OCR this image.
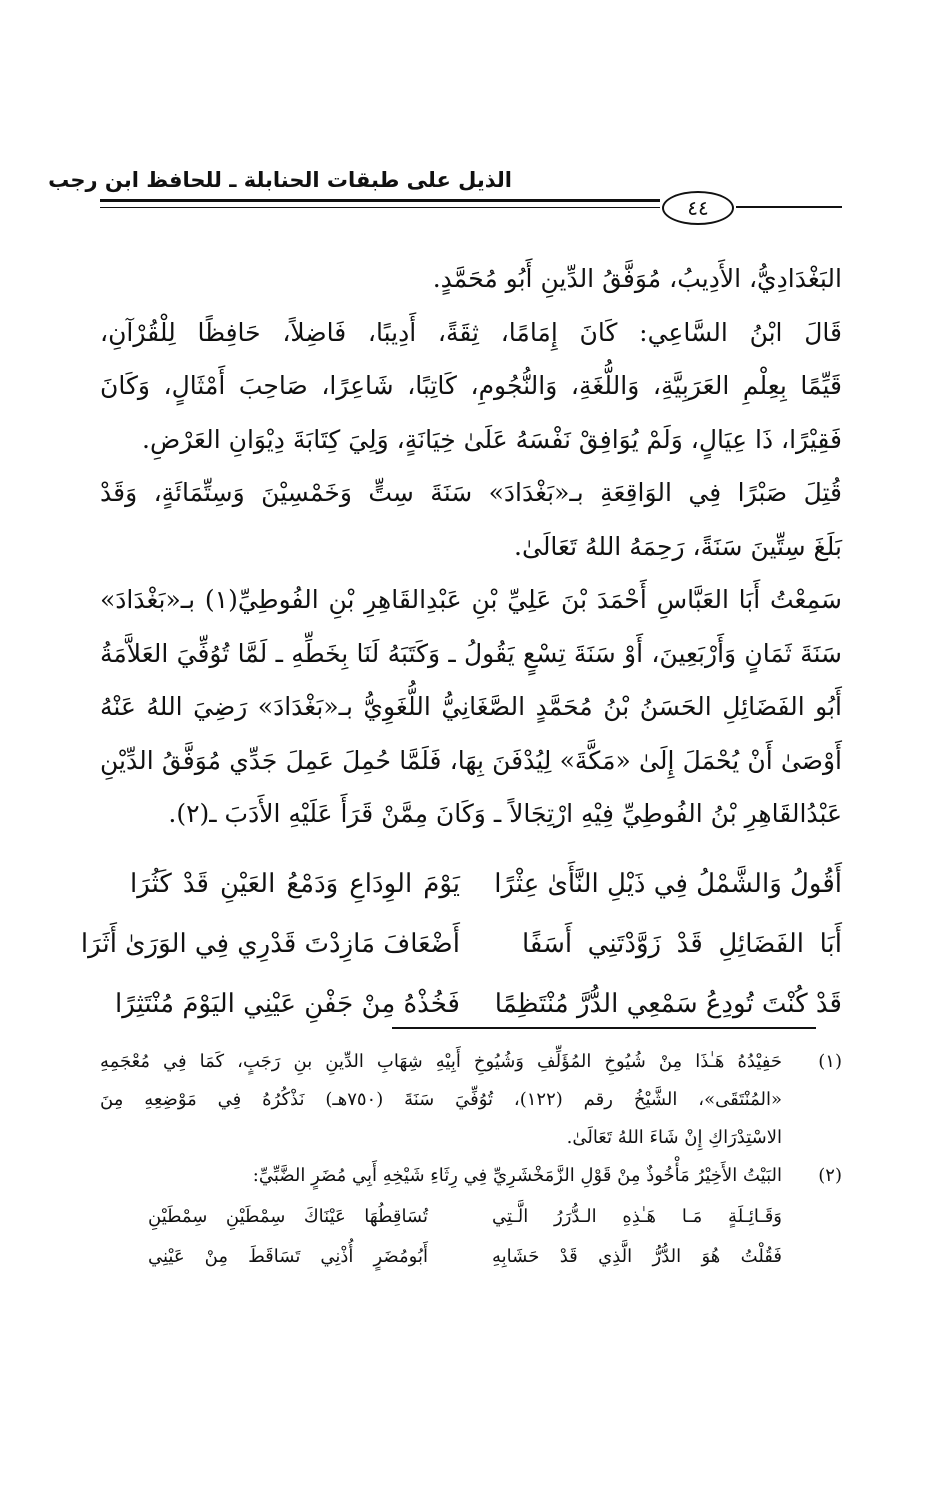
الذيل على طبقات الحنابلة ـ للحافظ ابن رجب
٤٤
البَغْدَادِيُّ، الأَدِيبُ، مُوَفَّقُ الدِّينِ أَبُو مُحَمَّدٍ.
قَالَ ابْنُ السَّاعِي: كَانَ إِمَامًا، ثِقَةً، أَدِيبًا، فَاضِلاً، حَافِظًا لِلْقُرْآنِ،
قَيِّمًا بِعِلْمِ العَرَبِيَّةِ، وَاللُّغَةِ، وَالنُّجُومِ، كَاتِبًا، شَاعِرًا، صَاحِبَ أَمْثَالٍ، وَكَانَ
فَقِيْرًا، ذَا عِيَالٍ، وَلَمْ يُوَافِقْ نَفْسَهُ عَلَىٰ خِيَانَةٍ، وَلِيَ كِتَابَةَ دِيْوَانِ العَرْضِ.
قُتِلَ صَبْرًا فِي الوَاقِعَةِ بـ«بَغْدَادَ» سَنَةَ سِتٍّ وَخَمْسِيْنَ وَسِتِّمَائَةٍ، وَقَدْ
بَلَغَ سِتِّينَ سَنَةً، رَحِمَهُ اللهُ تَعَالَىٰ.
سَمِعْتُ أَبَا العَبَّاسِ أَحْمَدَ بْنَ عَلِيِّ بْنِ عَبْدِالقَاهِرِ بْنِ الفُوطِيِّ(١) بـ«بَغْدَادَ»
سَنَةَ ثَمَانٍ وَأَرْبَعِينَ، أَوْ سَنَةَ تِسْعٍ يَقُولُ ـ وَكَتَبَهُ لَنَا بِخَطِّهِ ـ لَمَّا تُوُفِّيَ العَلاَّمَةُ
أَبُو الفَضَائِلِ الحَسَنُ بْنُ مُحَمَّدٍ الصَّغَانِيُّ اللُّغَوِيُّ بـ«بَغْدَادَ» رَضِيَ اللهُ عَنْهُ
أَوْصَىٰ أَنْ يُحْمَلَ إِلَىٰ «مَكَّةَ» لِيُدْفَنَ بِهَا، فَلَمَّا حُمِلَ عَمِلَ جَدِّي مُوَفَّقُ الدِّيْنِ
عَبْدُالقَاهِرِ بْنُ الفُوطِيِّ فِيْهِ ارْتِجَالاً ـ وَكَانَ مِمَّنْ قَرَأَ عَلَيْهِ الأَدَبَ ـ(٢).
أَقُولُ وَالشَّمْلُ فِي ذَيْلِ النَّأَىٰ عِثْرًا
يَوْمَ الوِدَاعِ وَدَمْعُ العَيْنِ قَدْ كَثُرَا
أَبَا الفَضَائِلِ قَدْ زَوَّدْتَنِي أَسَفًا
أَضْعَافَ مَازِدْتَ قَدْرِي فِي الوَرَىٰ أَثَرَا
قَدْ كُنْتَ تُودِعُ سَمْعِي الدُّرَّ مُنْتَظِمًا
فَخُذْهُ مِنْ جَفْنِ عَيْنِي اليَوْمَ مُنْتَثِرًا
(١)
حَفِيْدُهُ هَـٰذَا مِنْ شُيُوخِ المُؤَلِّفِ وَشُيُوخِ أَبِيْهِ شِهَابِ الدِّينِ بنِ رَجَبٍ، كَمَا فِي مُعْجَمِهِ
«المُنْتَقَى»، الشَّيْخُ رقم (١٢٢)، تُوُفِّيَ سَنَةَ (٧٥٠هـ) نَذْكُرُهُ فِي مَوْضِعِهِ مِنَ
الاسْتِدْرَاكِ إِنْ شَاءَ اللهُ تَعَالَىٰ.
(٢)
البَيْتُ الأَخِيْرُ مَأْخُوذٌ مِنْ قَوْلِ الزَّمَخْشَرِيِّ فِي رِثَاءِ شَيْخِهِ أَبِي مُضَرٍ الضَّبِّيِّ:
وَقَـائِـلَةٍ مَـا هَـٰذِهِ الـدُّرَرُ الَّـتِي
تُسَاقِطُهَا عَيْنَاكَ سِمْطَيْنِ سِمْطَيْنِ
فَقُلْتُ هُوَ الدُّرُّ الَّذِي قَدْ حَشَابِهِ
أَبُومُضَرٍ أُذْنِي تَسَاقَطَ مِنْ عَيْنِي
